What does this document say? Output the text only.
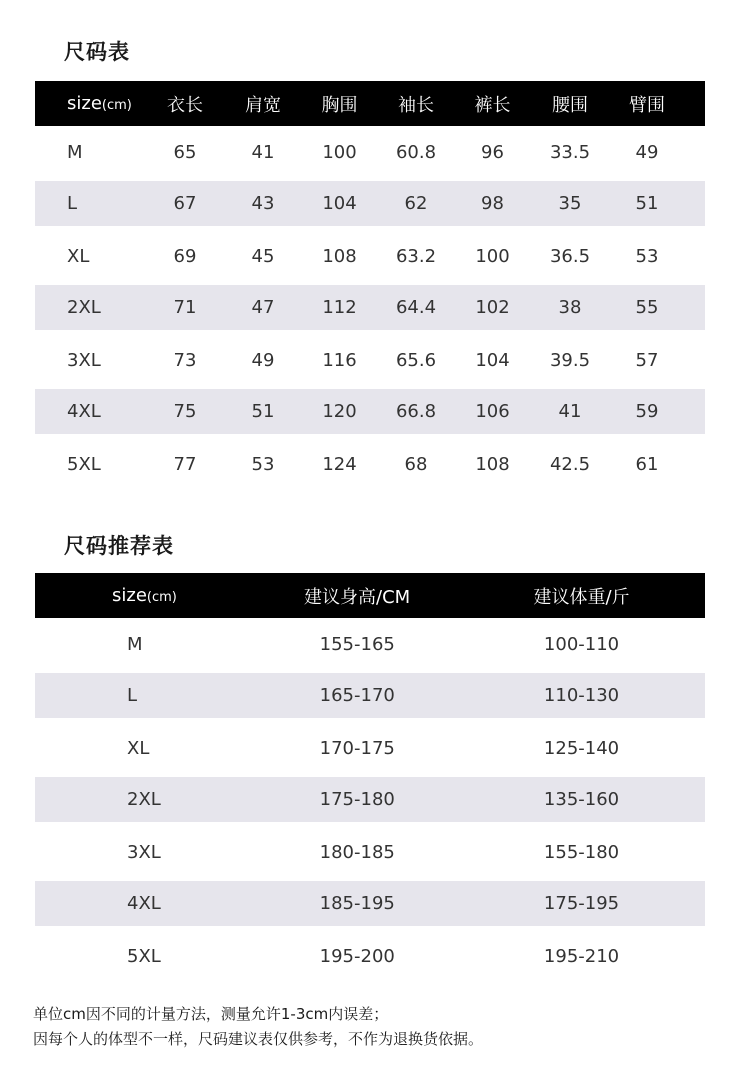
尺码表
size(cm)	衣长	肩宽	胸围	袖长	裤长	腰围	臂围
M	65	41	100	60.8	96	33.5	49
L	67	43	104	62	98	35	51
XL	69	45	108	63.2	100	36.5	53
2XL	71	47	112	64.4	102	38	55
3XL	73	49	116	65.6	104	39.5	57
4XL	75	51	120	66.8	106	41	59
5XL	77	53	124	68	108	42.5	61
尺码推荐表
size(cm)	建议身高/CM	建议体重/斤
M	155-165	100-110
L	165-170	110-130
XL	170-175	125-140
2XL	175-180	135-160
3XL	180-185	155-180
4XL	185-195	175-195
5XL	195-200	195-210
单位cm因不同的计量方法，测量允许1-3cm内误差；
因每个人的体型不一样，尺码建议表仅供参考，不作为退换货依据。
